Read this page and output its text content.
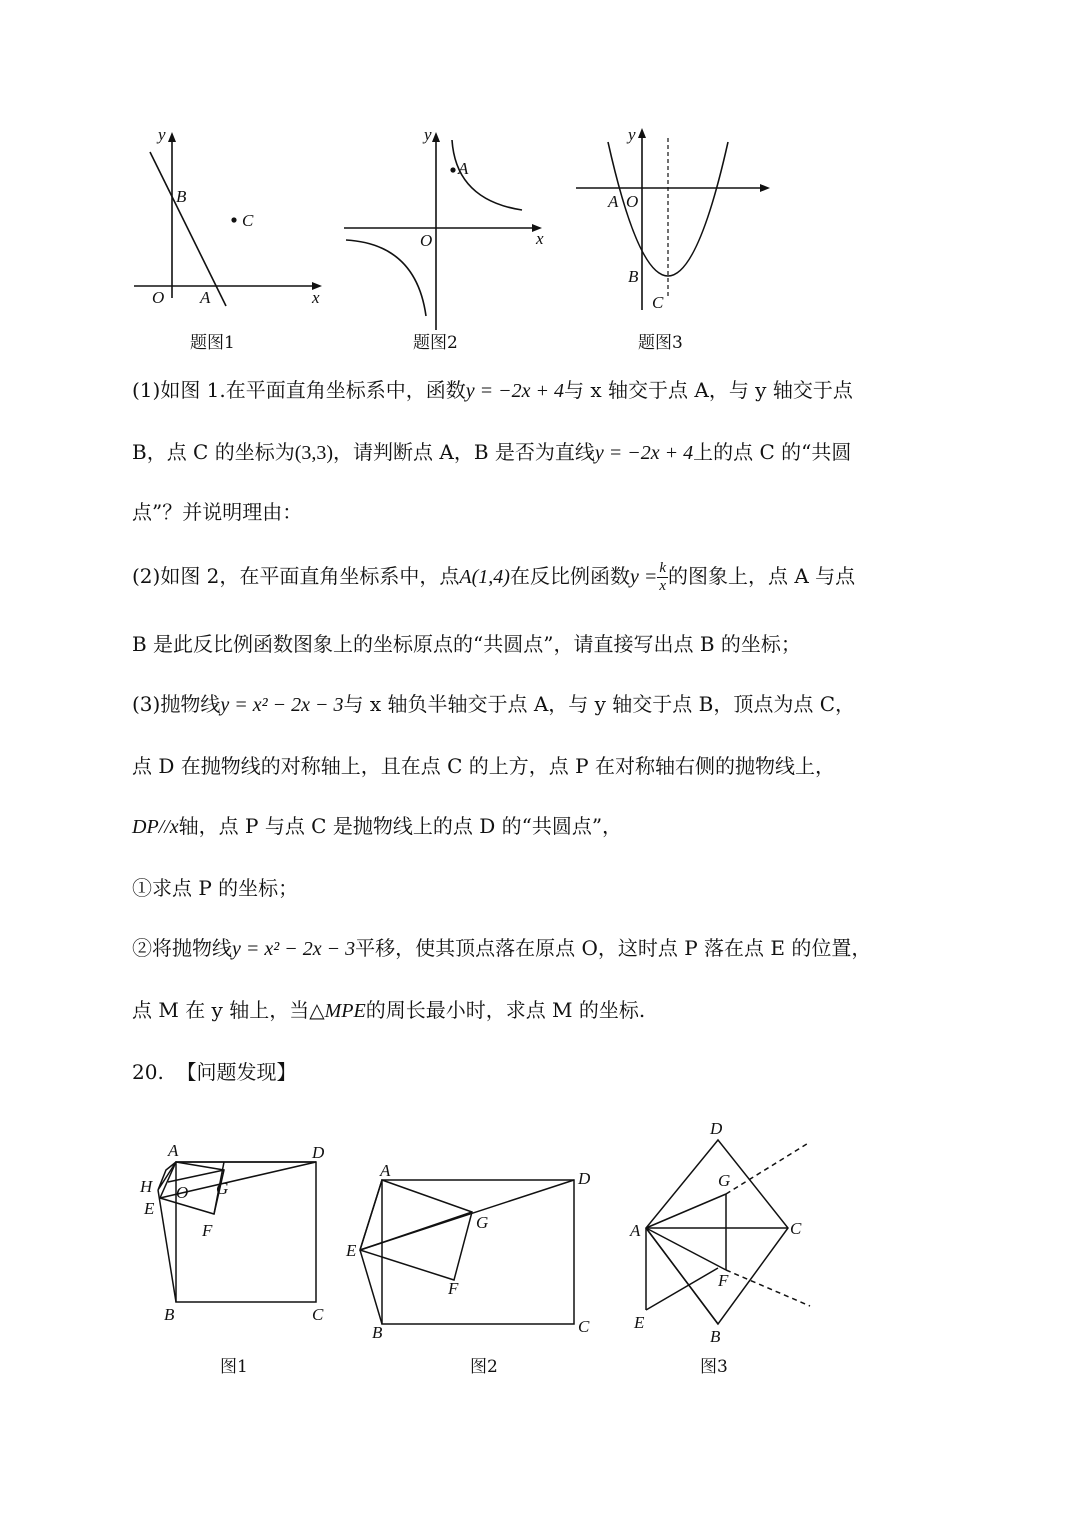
y
x
O A
B
C
y
x
O
A
y
A O
B
C
题图1	题图2	题图3
(1)如图 1.在平面直角坐标系中，函数y = −2x + 4与 x 轴交于点 A，与 y 轴交于点
B，点 C 的坐标为(3,3)，请判断点 A，B 是否为直线y = −2x + 4上的点 C 的“共圆
点”？并说明理由：
(2)如图 2，在平面直角坐标系中，点A(1,4)在反比例函数$y = \frac{k}{x}$ 的图象上，点 A 与点
B 是此反比例函数图象上的坐标原点的“共圆点”，请直接写出点 B 的坐标；
(3)抛物线y = x² − 2x − 3与 x 轴负半轴交于点 A，与 y 轴交于点 B，顶点为点 C，
点 D 在抛物线的对称轴上，且在点 C 的上方，点 P 在对称轴右侧的抛物线上，
DP//x轴，点 P 与点 C 是抛物线上的点 D 的“共圆点”，
①求点 P 的坐标；
②将抛物线y = x² − 2x − 3平移，使其顶点落在原点 O，这时点 P 落在点 E 的位置，
点 M 在 y 轴上，当△MPE的周长最小时，求点 M 的坐标.
20. 【问题发现】
A	D
H O G
E
F
B	C
A	D
E
G
F
B	C
D
G
A	C
F
E
B
图1	图2	图3
